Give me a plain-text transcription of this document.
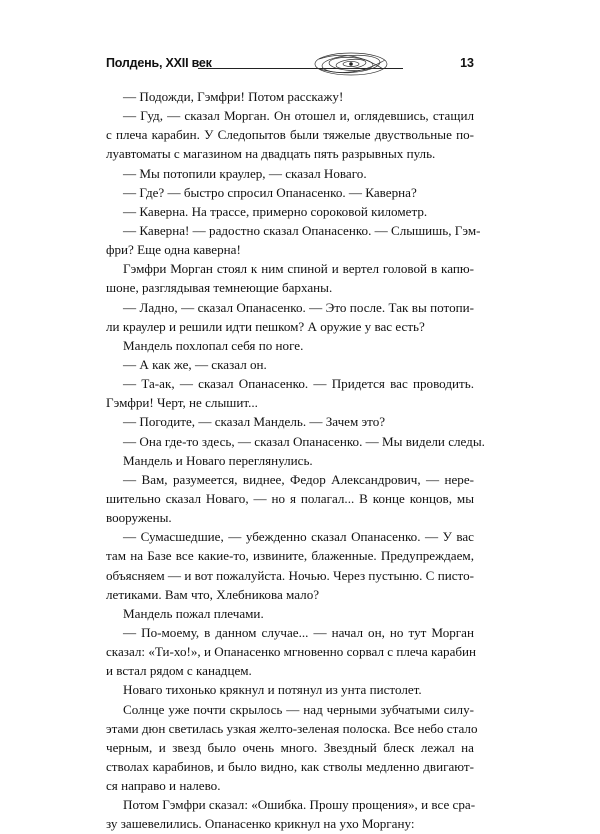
Полдень, XXII век	13
— Подожди, Гэмфри! Потом расскажу!
— Гуд, — сказал Морган. Он отошел и, оглядевшись, стащил
с плеча карабин. У Следопытов были тяжелые двуствольные по-
луавтоматы с магазином на двадцать пять разрывных пуль.
— Мы потопили краулер, — сказал Новаго.
— Где? — быстро спросил Опанасенко. — Каверна?
— Каверна. На трассе, примерно сороковой километр.
— Каверна! — радостно сказал Опанасенко. — Слышишь, Гэм-
фри? Еще одна каверна!
Гэмфри Морган стоял к ним спиной и вертел головой в капю-
шоне, разглядывая темнеющие барханы.
— Ладно, — сказал Опанасенко. — Это после. Так вы потопи-
ли краулер и решили идти пешком? А оружие у вас есть?
Мандель похлопал себя по ноге.
— А как же, — сказал он.
— Та-ак, — сказал Опанасенко. — Придется вас проводить.
Гэмфри! Черт, не слышит...
— Погодите, — сказал Мандель. — Зачем это?
— Она где-то здесь, — сказал Опанасенко. — Мы видели следы.
Мандель и Новаго переглянулись.
— Вам, разумеется, виднее, Федор Александрович, — нере-
шительно сказал Новаго, — но я полагал... В конце концов, мы
вооружены.
— Сумасшедшие, — убежденно сказал Опанасенко. — У вас
там на Базе все какие-то, извините, блаженные. Предупреждаем,
объясняем — и вот пожалуйста. Ночью. Через пустыню. С писто-
летиками. Вам что, Хлебникова мало?
Мандель пожал плечами.
— По-моему, в данном случае... — начал он, но тут Морган
сказал: «Ти-хо!», и Опанасенко мгновенно сорвал с плеча карабин
и встал рядом с канадцем.
Новаго тихонько крякнул и потянул из унта пистолет.
Солнце уже почти скрылось — над черными зубчатыми силу-
этами дюн светилась узкая желто-зеленая полоска. Все небо стало
черным, и звезд было очень много. Звездный блеск лежал на
стволах карабинов, и было видно, как стволы медленно двигают-
ся направо и налево.
Потом Гэмфри сказал: «Ошибка. Прошу прощения», и все сра-
зу зашевелились. Опанасенко крикнул на ухо Моргану:
